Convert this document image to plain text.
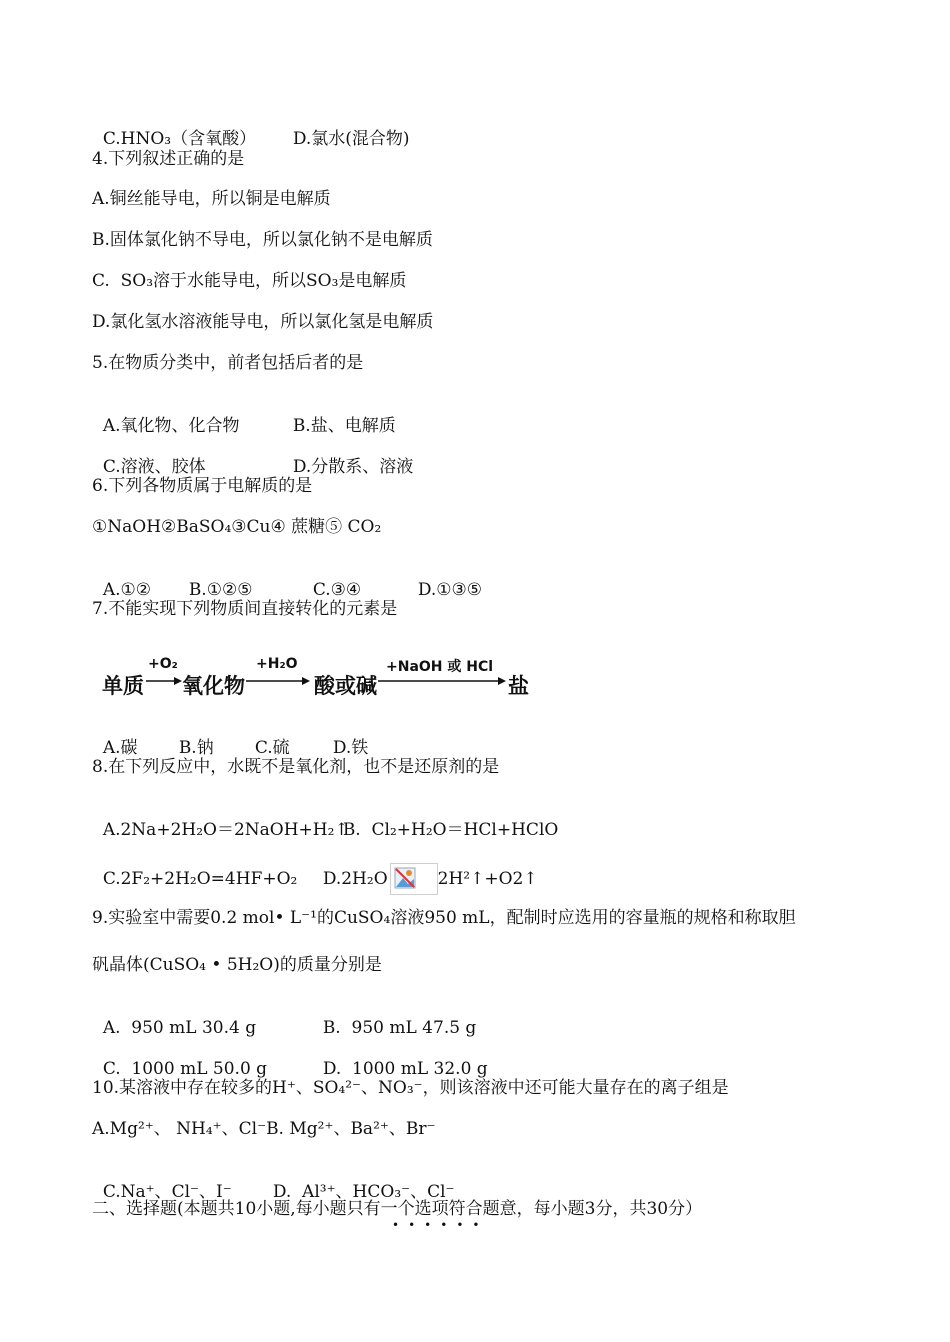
C.HNO₃（含氧酸） D.氯水(混合物)

4.下列叙述正确的是
A.铜丝能导电，所以铜是电解质
B.固体氯化钠不导电，所以氯化钠不是电解质
C.  SO₃溶于水能导电，所以SO₃是电解质
D.氯化氢水溶液能导电，所以氯化氢是电解质
5.在物质分类中，前者包括后者的是

A.氧化物、化合物	B.盐、电解质

C.溶液、胶体	D.分散系、溶液

6.下列各物质属于电解质的是
①NaOH②BaSO₄③Cu④ 蔗糖⑤ CO₂

A.①② B.①②⑤	C.③④	D.①③⑤

7.不能实现下列物质间直接转化的元素是
单质
+O₂
氧化物
+H₂O
酸或碱
+NaOH 或 HCl
盐

A.碳 B.钠 C.硫	D.铁

8.在下列反应中，水既不是氧化剂，也不是还原剂的是

A.2Na+2H₂O＝2NaOH+H₂↑B.  Cl₂+H₂O＝HCl+HClO

C.2F₂+2H₂O=4HF+O₂ D.2H₂O	2H²↑+O2↑

9.实验室中需要0.2 mol• L⁻¹的CuSO₄溶液950 mL，配制时应选用的容量瓶的规格和称取胆
矾晶体(CuSO₄ • 5H₂O)的质量分别是

A.  950 mL 30.4 g	B.  950 mL 47.5 g

C.  1000 mL 50.0 g	D.  1000 mL 32.0 g

10.某溶液中存在较多的H⁺、SO₄²⁻、NO₃⁻，则该溶液中还可能大量存在的离子组是
A.Mg²⁺、 NH₄⁺、Cl⁻B. Mg²⁺、Ba²⁺、Br⁻

C.Na⁺、Cl⁻、I⁻ D.  Al³⁺、HCO₃⁻、Cl⁻

二、选择题(本题共10小题,每小题只有一个选项符合题意，每小题3分，共30分）
••••••
